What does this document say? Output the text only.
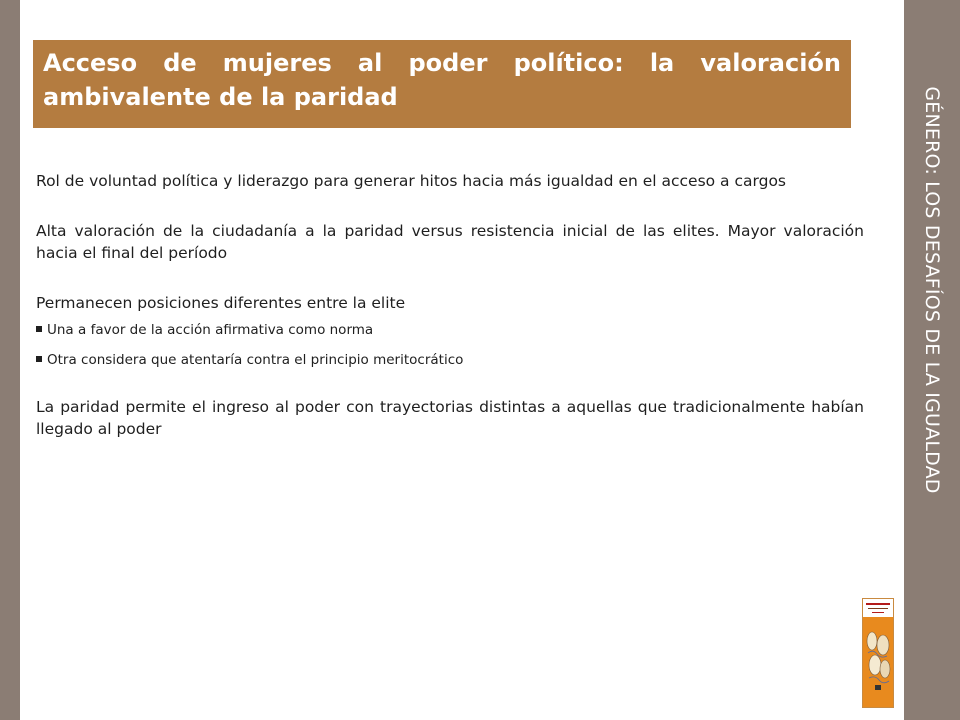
GÉNERO: LOS DESAFÍOS DE LA IGUALDAD
Acceso de mujeres al poder político: la valoración ambivalente de la paridad

Rol de voluntad política y liderazgo para generar hitos hacia más igualdad en el acceso a cargos

Alta valoración de la ciudadanía a la paridad versus resistencia inicial de las elites. Mayor valoración hacia el final del período

Permanecen posiciones diferentes entre la elite

Una a favor de la acción afirmativa como norma
Otra considera que atentaría contra el principio meritocrático

La paridad permite el ingreso al poder con trayectorias distintas a aquellas que tradicionalmente habían llegado al poder
